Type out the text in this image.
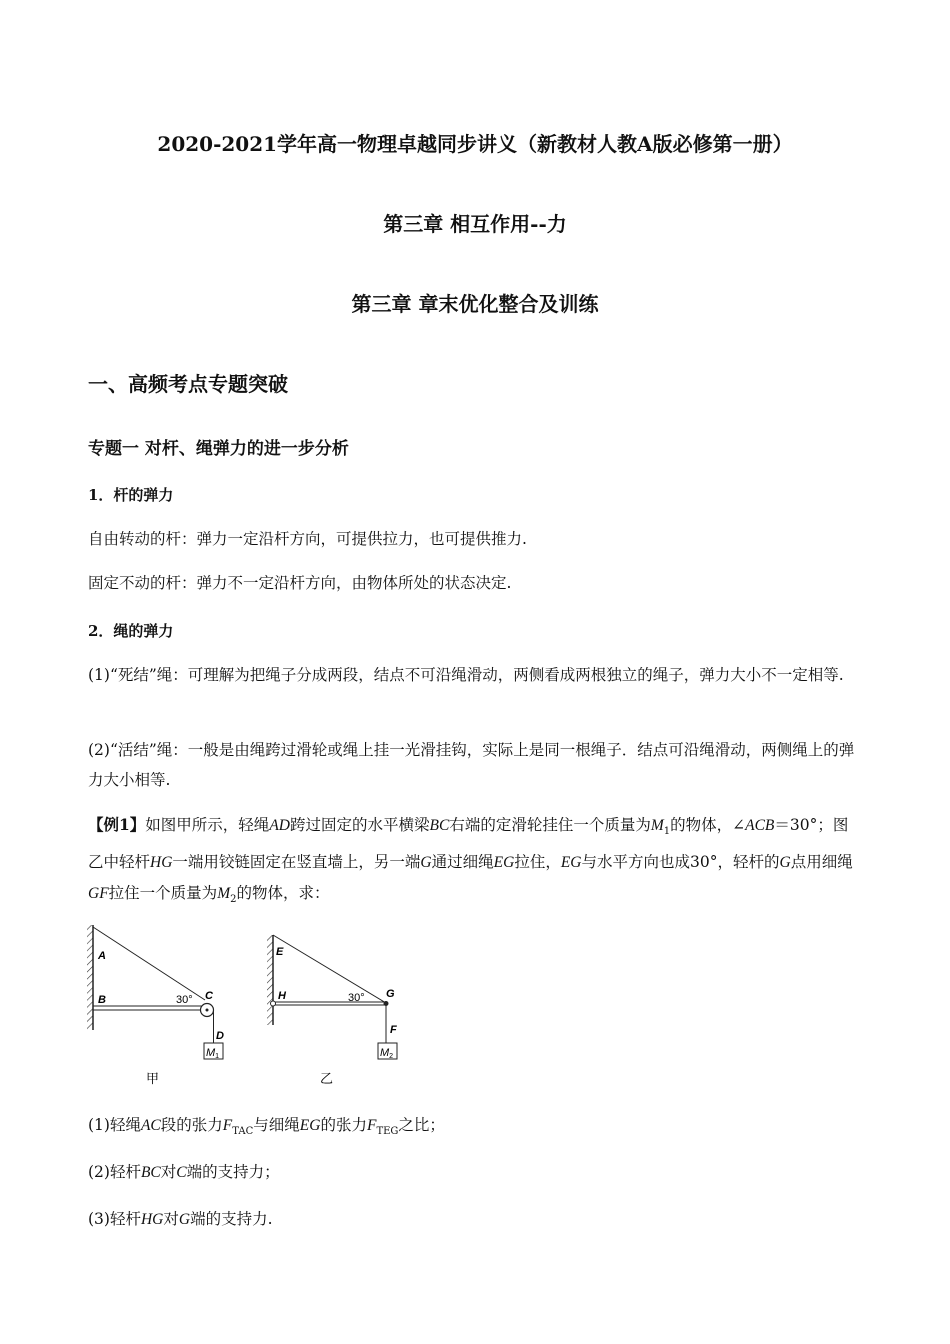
2020-2021学年高一物理卓越同步讲义（新教材人教A版必修第一册）
第三章 相互作用--力
第三章 章末优化整合及训练
一、高频考点专题突破
专题一 对杆、绳弹力的进一步分析
1．杆的弹力
自由转动的杆：弹力一定沿杆方向，可提供拉力，也可提供推力.
固定不动的杆：弹力不一定沿杆方向，由物体所处的状态决定.
2．绳的弹力
(1)“死结”绳：可理解为把绳子分成两段，结点不可沿绳滑动，两侧看成两根独立的绳子，弹力大小不一定相等.
(2)“活结”绳：一般是由绳跨过滑轮或绳上挂一光滑挂钩，实际上是同一根绳子．结点可沿绳滑动，两侧绳上的弹力大小相等.
【例1】如图甲所示，轻绳AD跨过固定的水平横梁BC右端的定滑轮挂住一个质量为$M_1$的物体，∠ACB＝30°；图乙中轻杆HG一端用铰链固定在竖直墙上，另一端G通过细绳EG拉住，EG与水平方向也成30°，轻杆的G点用细绳GF拉住一个质量为$M_2$的物体，求：
M1
A
B	C
D
30°
甲
M2
E
H	G
F
30°
乙
(1)轻绳AC段的张力$F_{TAC}$与细绳EG的张力$F_{TEG}$之比；
(2)轻杆BC对C端的支持力；
(3)轻杆HG对G端的支持力.
